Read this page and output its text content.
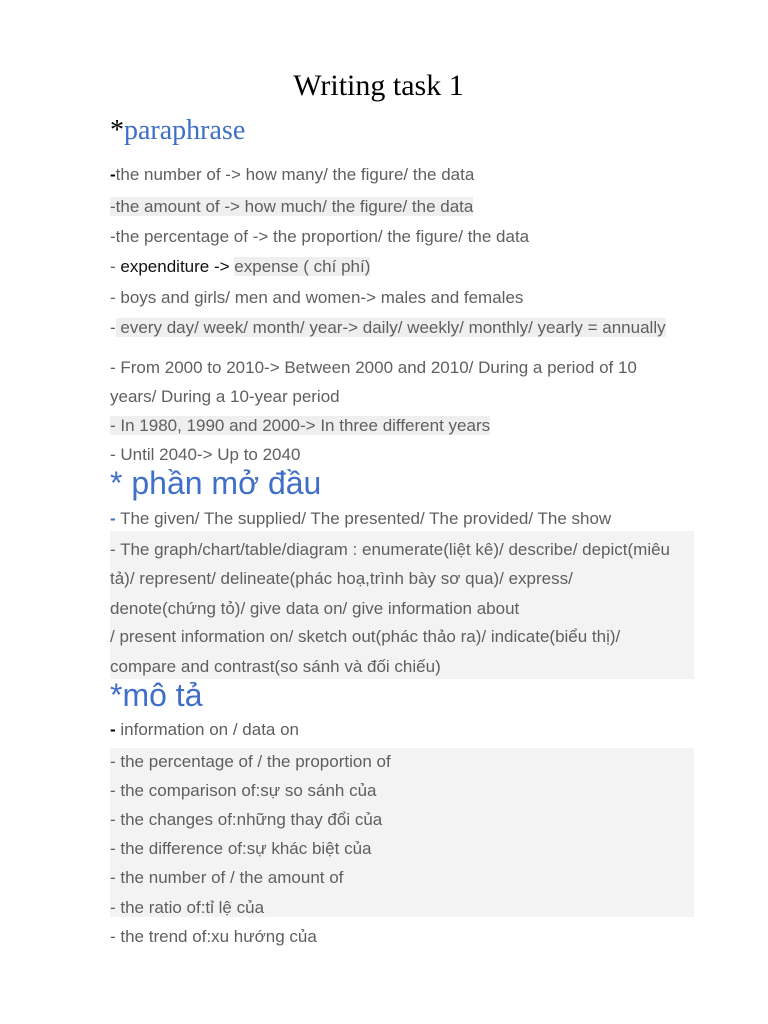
Writing task 1
*paraphrase

-the number of -> how many/ the figure/ the data

-the amount of -> how much/ the figure/ the data

-the percentage of -> the proportion/ the figure/ the data

- expenditure -> expense ( chí phí)

- boys and girls/ men and women-> males and females

- every day/ week/ month/ year-> daily/ weekly/ monthly/ yearly = annually

- From 2000 to 2010-> Between 2000 and 2010/ During a period of 10

years/ During a 10-year period

- In 1980, 1990 and 2000-> In three different years

- Until 2040-> Up to 2040

* phần mở đầu

- The given/ The supplied/ The presented/ The provided/ The show

- The graph/chart/table/diagram : enumerate(liệt kê)/ describe/ depict(miêu

tả)/ represent/ delineate(phác hoạ,trình bày sơ qua)/ express/

denote(chứng tỏ)/ give data on/ give information about

/ present information on/ sketch out(phác thảo ra)/ indicate(biểu thị)/

compare and contrast(so sánh và đối chiếu)

*mô tả

- information on / data on

- the percentage of / the proportion of

- the comparison of:sự so sánh của

- the changes of:những thay đổi của

- the difference of:sự khác biệt của

- the number of / the amount of

- the ratio of:tỉ lệ của

- the trend of:xu hướng của
